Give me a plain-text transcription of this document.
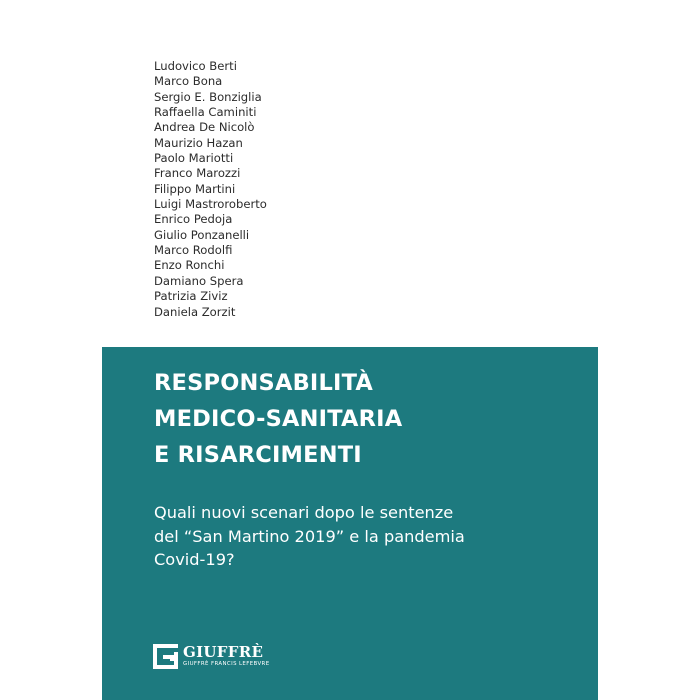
Ludovico Berti
Marco Bona
Sergio E. Bonziglia
Raffaella Caminiti
Andrea De Nicolò
Maurizio Hazan
Paolo Mariotti
Franco Marozzi
Filippo Martini
Luigi Mastroroberto
Enrico Pedoja
Giulio Ponzanelli
Marco Rodolfi
Enzo Ronchi
Damiano Spera
Patrizia Ziviz
Daniela Zorzit
RESPONSABILITÀ
MEDICO-SANITARIA
E RISARCIMENTI

Quali nuovi scenari dopo le sentenze
del “San Martino 2019” e la pandemia
Covid-19?

GIUFFRÈ
GIUFFRÈ FRANCIS LEFEBVRE
